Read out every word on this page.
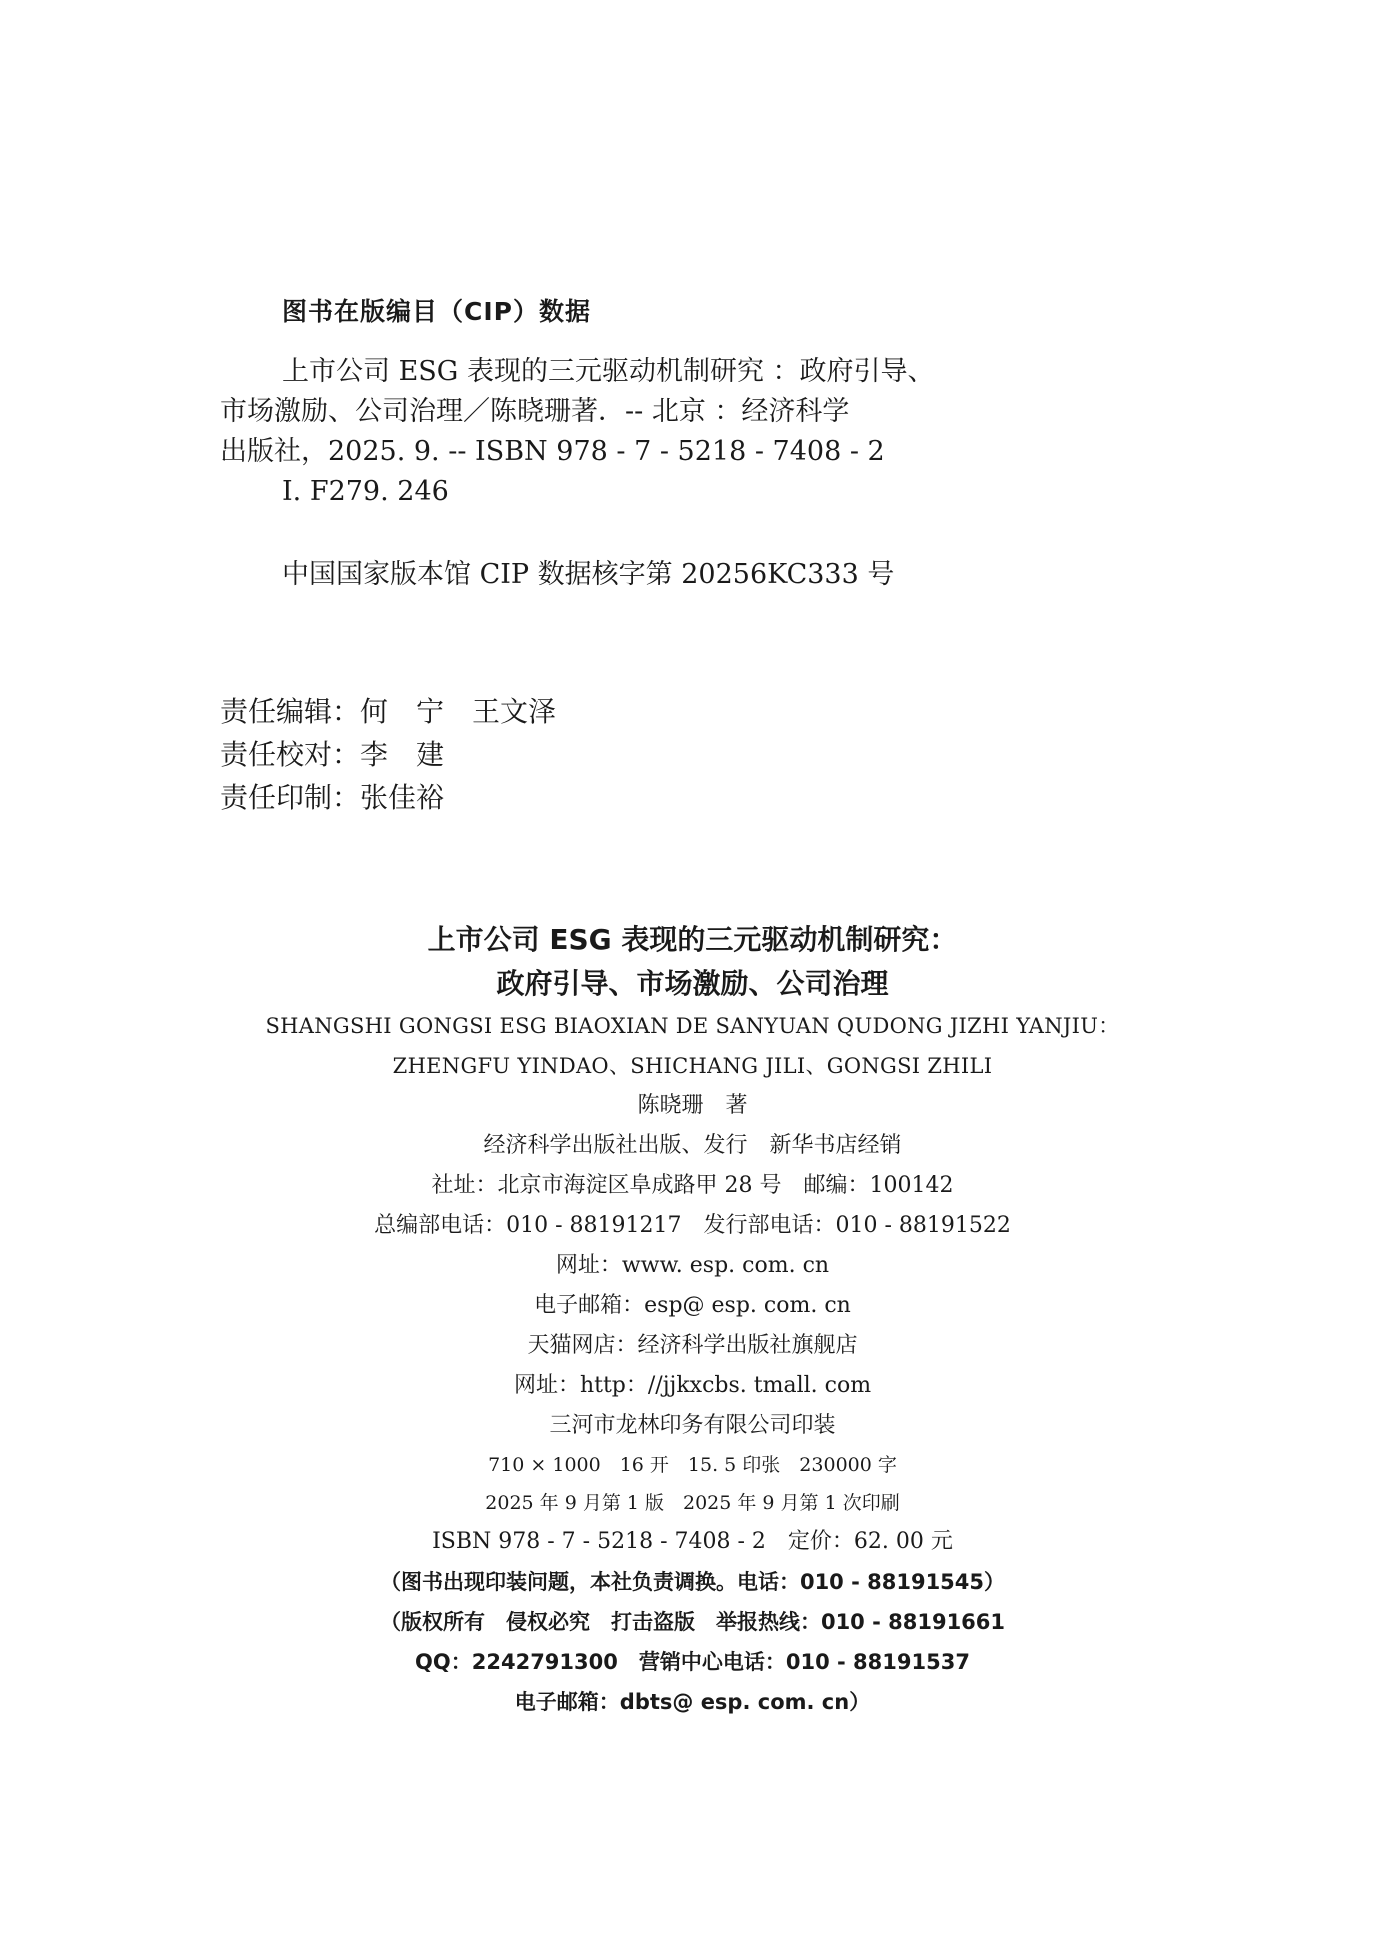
图书在版编目（CIP）数据
上市公司 ESG 表现的三元驱动机制研究 ：政府引导、
市场激励、公司治理／陈晓珊著．-- 北京 ：经济科学
出版社，2025. 9. -- ISBN 978 - 7 - 5218 - 7408 - 2
Ⅰ. F279. 246
中国国家版本馆 CIP 数据核字第 20256KC333 号
责任编辑：何　宁　王文泽
责任校对：李　建
责任印制：张佳裕
上市公司 ESG 表现的三元驱动机制研究：
政府引导、市场激励、公司治理
SHANGSHI GONGSI ESG BIAOXIAN DE SANYUAN QUDONG JIZHI YANJIU：
ZHENGFU YINDAO、SHICHANG JILI、GONGSI ZHILI
陈晓珊　著
经济科学出版社出版、发行　新华书店经销
社址：北京市海淀区阜成路甲 28 号　邮编：100142
总编部电话：010 - 88191217　发行部电话：010 - 88191522
网址：www. esp. com. cn
电子邮箱：esp@ esp. com. cn
天猫网店：经济科学出版社旗舰店
网址：http：//jjkxcbs. tmall. com
三河市龙林印务有限公司印装
710 × 1000　16 开　15. 5 印张　230000 字
2025 年 9 月第 1 版　2025 年 9 月第 1 次印刷
ISBN 978 - 7 - 5218 - 7408 - 2　定价：62. 00 元
（图书出现印装问题，本社负责调换。电话：010 - 88191545）
（版权所有　侵权必究　打击盗版　举报热线：010 - 88191661
QQ：2242791300　营销中心电话：010 - 88191537
电子邮箱：dbts@ esp. com. cn）
